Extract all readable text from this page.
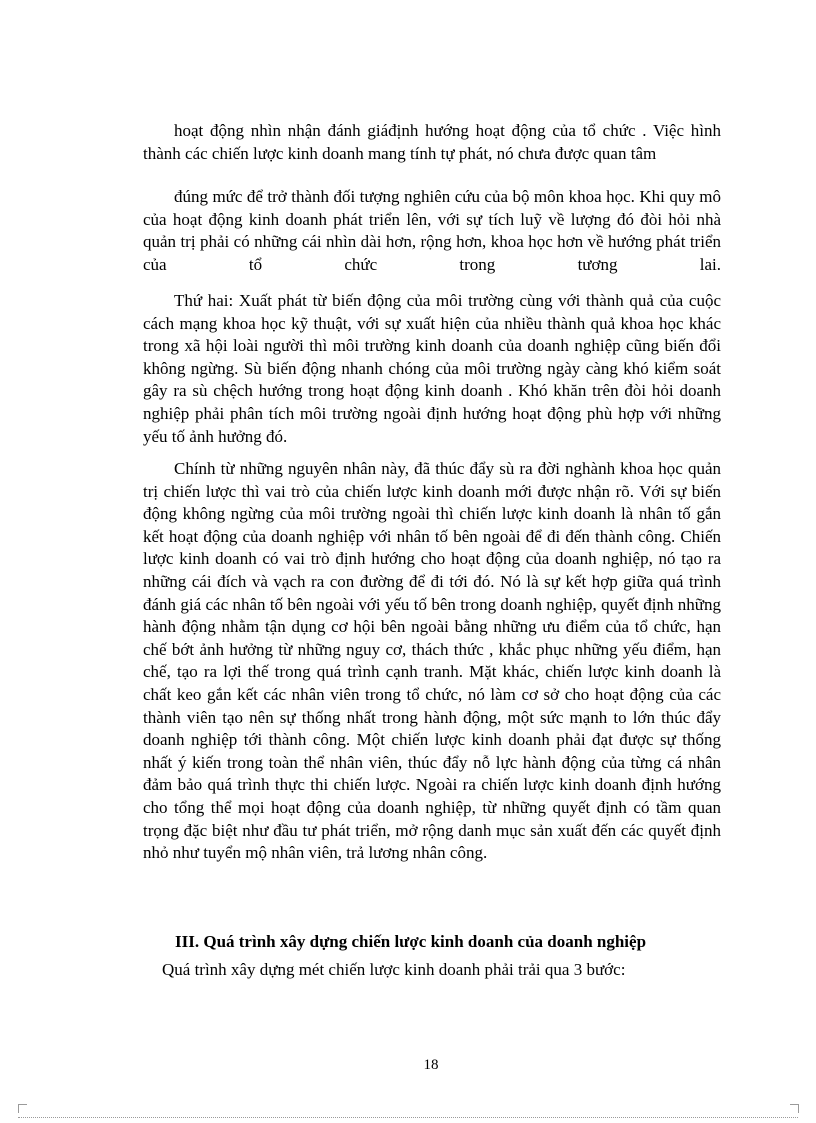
hoạt động nhìn nhận đánh giáđịnh hướng hoạt động của tổ chức . Việc hình thành các chiến lược kinh doanh mang tính tự phát, nó chưa được quan tâm

đúng mức để trở thành đối tượng nghiên cứu của bộ môn khoa học. Khi quy mô của hoạt động kinh doanh phát triển lên, với sự tích luỹ về lượng đó đòi hỏi nhà quản trị phải có những cái nhìn dài hơn, rộng hơn, khoa học hơn về hướng phát triển của tổ chức trong tương lai.

Thứ hai: Xuất phát từ biến động của môi trường cùng với thành quả của cuộc cách mạng khoa học kỹ thuật, với sự xuất hiện của nhiều thành quả khoa học khác trong xã hội loài người thì môi trường kinh doanh của doanh nghiệp cũng biến đổi không ngừng. Sù biến động nhanh chóng của môi trường ngày càng khó kiểm soát gây ra sù chệch hướng trong hoạt động kinh doanh . Khó khăn trên đòi hỏi doanh nghiệp phải phân tích môi trường ngoài định hướng hoạt động phù hợp với những yếu tố ảnh hưởng đó.

Chính từ những nguyên nhân này, đã thúc đẩy sù ra đời nghành khoa học quản trị chiến lược thì vai trò của chiến lược kinh doanh mới được nhận rõ. Với sự biến động không ngừng của môi trường ngoài thì chiến lược kinh doanh là nhân tố gắn kết hoạt động của doanh nghiệp với nhân tố bên ngoài để đi đến thành công. Chiến lược kinh doanh có vai trò định hướng cho hoạt động của doanh nghiệp, nó tạo ra những cái đích và vạch ra con đường để đi tới đó. Nó là sự kết hợp giữa quá trình đánh giá các nhân tố bên ngoài với yếu tố bên trong doanh nghiệp, quyết định những hành động nhằm tận dụng cơ hội bên ngoài bằng những ưu điểm của tổ chức, hạn chế bớt ảnh hưởng từ những nguy cơ, thách thức , khắc phục những yếu điểm, hạn chế, tạo ra lợi thế trong quá trình cạnh tranh. Mặt khác, chiến lược kinh doanh là chất keo gắn kết các nhân viên trong tổ chức, nó làm cơ sở cho hoạt động của các thành viên tạo nên sự thống nhất trong hành động, một sức mạnh to lớn thúc đẩy doanh nghiệp tới thành công. Một chiến lược kinh doanh phải đạt được sự thống nhất ý kiến trong toàn thể nhân viên, thúc đẩy nỗ lực hành động của từng cá nhân đảm bảo quá trình thực thi chiến lược. Ngoài ra chiến lược kinh doanh định hướng cho tổng thể mọi hoạt động của doanh nghiệp, từ những quyết định có tầm quan trọng đặc biệt như đầu tư phát triển, mở rộng danh mục sản xuất đến các quyết định nhỏ như tuyển mộ nhân viên, trả lương nhân công.

III. Quá trình xây dựng chiến lược kinh doanh của doanh nghiệp
Quá trình xây dựng mét chiến lược kinh doanh phải trải qua 3 bước:
18
